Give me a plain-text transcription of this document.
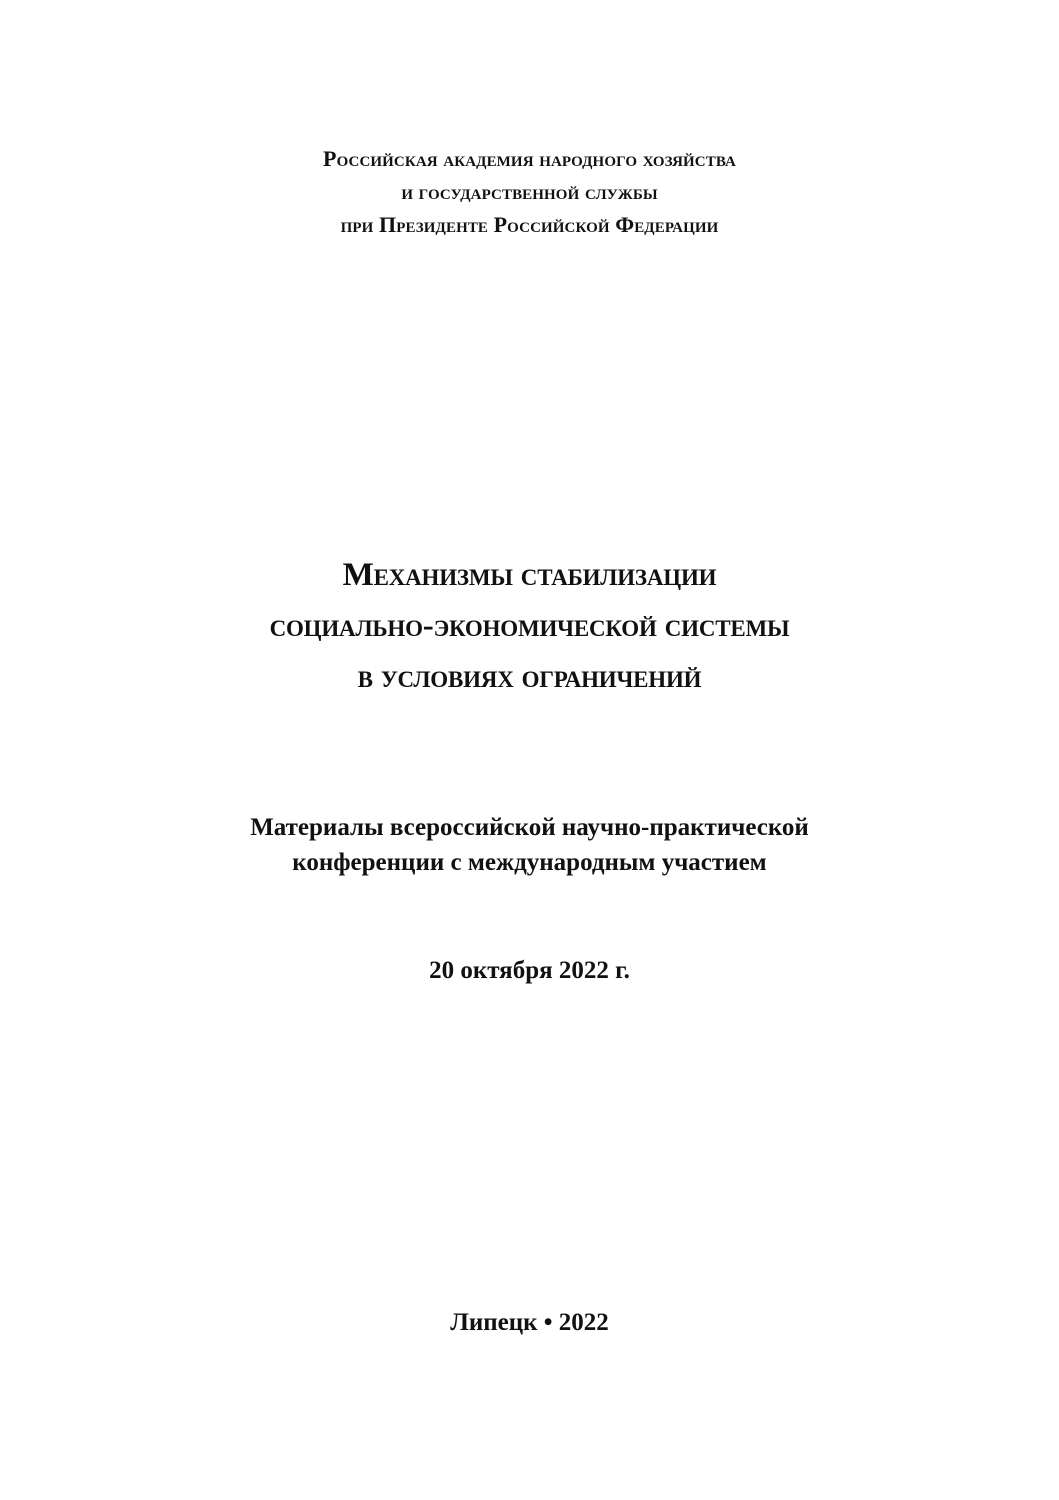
Российская академия народного хозяйства
и государственной службы
при Президенте Российской Федерации
Механизмы стабилизации
социально-экономической системы
в условиях ограничений
Материалы всероссийской научно-практической
конференции с международным участием
20 октября 2022 г.
Липецк • 2022
